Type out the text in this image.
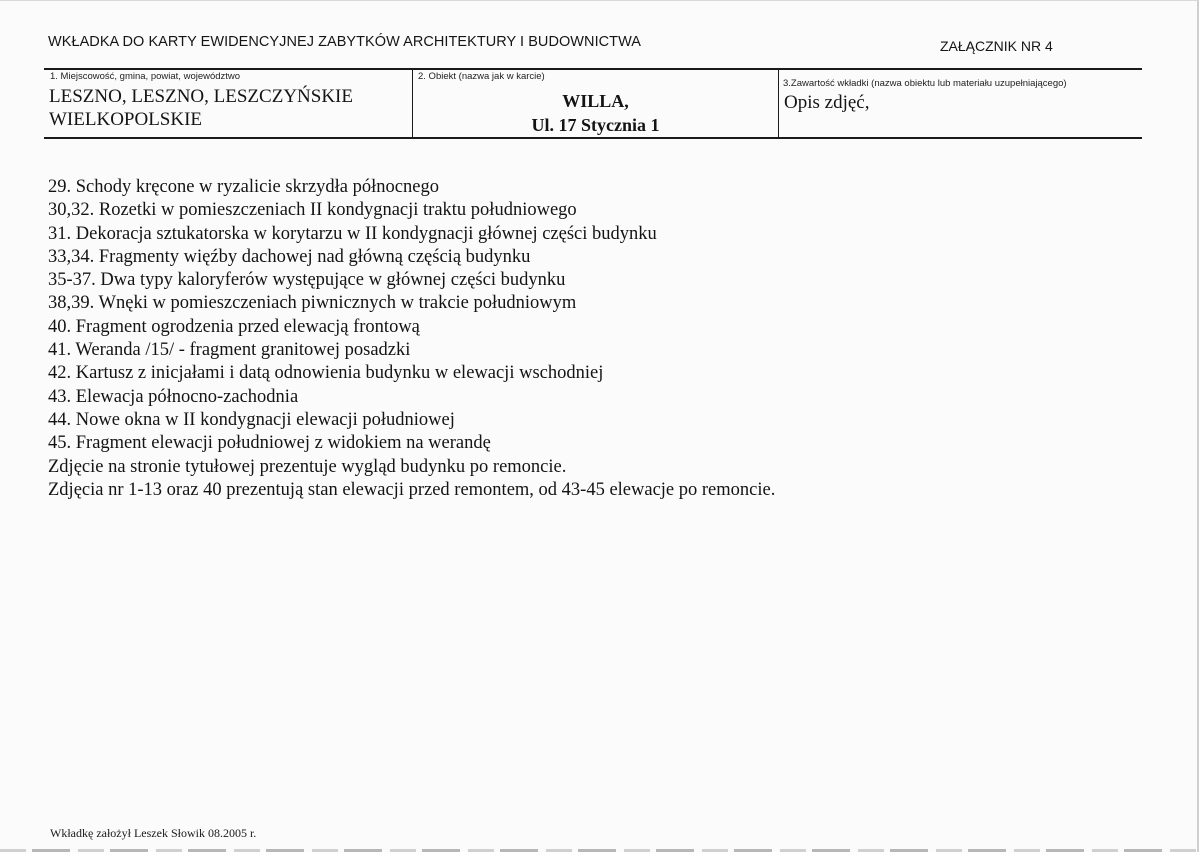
WKŁADKA DO KARTY EWIDENCYJNEJ ZABYTKÓW ARCHITEKTURY I BUDOWNICTWA	ZAŁĄCZNIK NR 4
1. Miejscowość, gmina, powiat, województwo
LESZNO, LESZNO, LESZCZYŃSKIE
WIELKOPOLSKIE
2. Obiekt (nazwa jak w karcie)
WILLA,
Ul. 17 Stycznia 1
3.Zawartość wkładki (nazwa obiektu lub materiału uzupełniającego)
Opis zdjęć,
29. Schody kręcone w ryzalicie skrzydła północnego
30,32. Rozetki w pomieszczeniach II kondygnacji traktu południowego
31. Dekoracja sztukatorska w korytarzu w II kondygnacji głównej części budynku
33,34. Fragmenty więźby dachowej nad główną częścią budynku
35-37. Dwa typy kaloryferów występujące w głównej części budynku
38,39. Wnęki w pomieszczeniach piwnicznych w trakcie południowym
40. Fragment ogrodzenia przed elewacją frontową
41. Weranda /15/ - fragment granitowej posadzki
42. Kartusz z inicjałami i datą odnowienia budynku w elewacji wschodniej
43. Elewacja północno-zachodnia
44. Nowe okna w II kondygnacji elewacji południowej
45. Fragment elewacji południowej z widokiem na werandę
Zdjęcie na stronie tytułowej prezentuje wygląd budynku po remoncie.
Zdjęcia nr 1-13 oraz 40 prezentują stan elewacji przed remontem, od 43-45 elewacje po remoncie.
Wkładkę założył Leszek Słowik 08.2005 r.
